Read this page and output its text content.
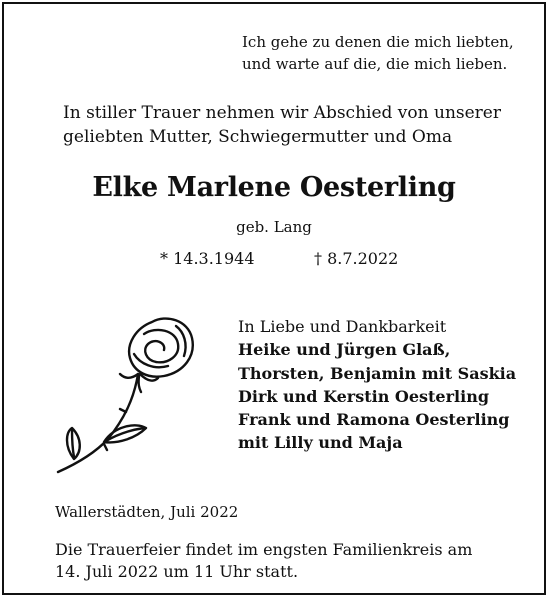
Ich gehe zu denen die mich liebten,
und warte auf die, die mich lieben.
In stiller Trauer nehmen wir Abschied von unserer
geliebten Mutter, Schwiegermutter und Oma
Elke Marlene Oesterling
geb. Lang
* 14.3.1944	† 8.7.2022
In Liebe und Dankbarkeit
Heike und Jürgen Glaß,
Thorsten, Benjamin mit Saskia
Dirk und Kerstin Oesterling
Frank und Ramona Oesterling
mit Lilly und Maja
Wallerstädten, Juli 2022
Die Trauerfeier findet im engsten Familienkreis am
14. Juli 2022 um 11 Uhr statt.
